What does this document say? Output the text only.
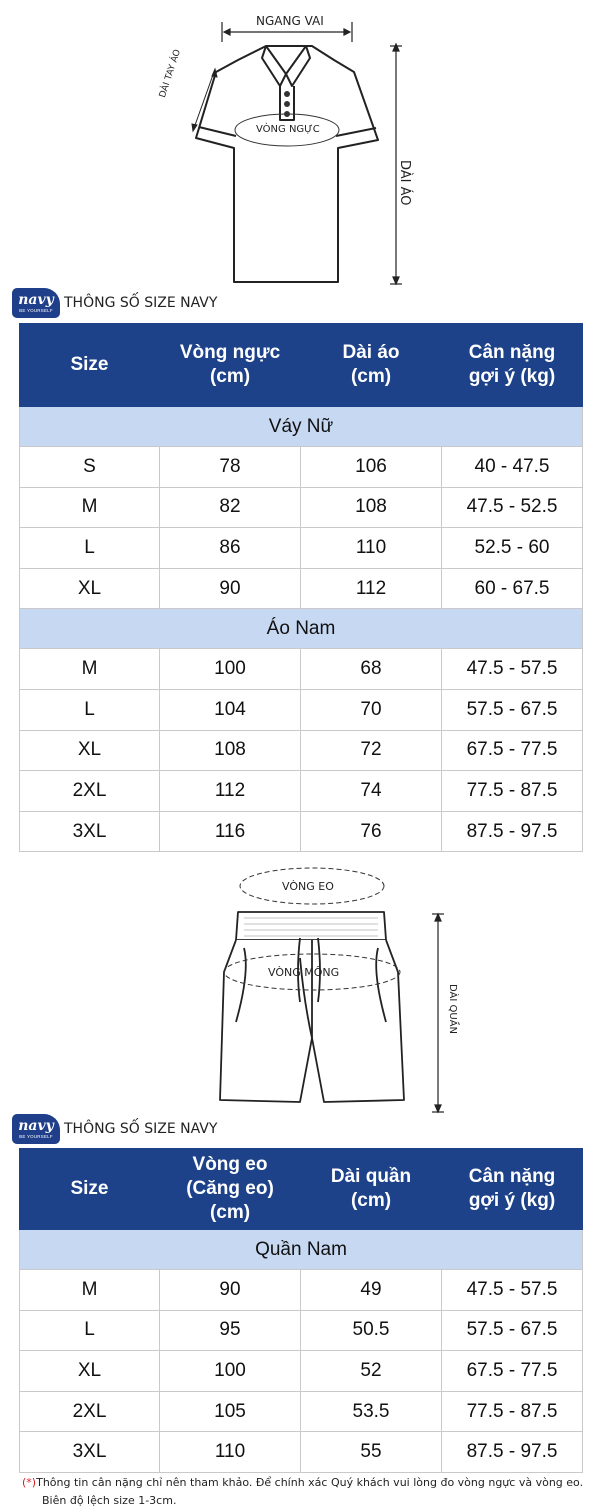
NGANG VAI
DÀI TAY ÁO
VÒNG NGỰC
DÀI ÁO
navy
BE YOURSELF THÔNG SỐ SIZE NAVY
Size	Vòng ngực (cm)	Dài áo (cm)	Cân nặng gợi ý (kg)
Váy Nữ			
S	78	106	40 - 47.5
M	82	108	47.5 - 52.5
L	86	110	52.5 - 60
XL	90	112	60 - 67.5
Áo Nam			
M	100	68	47.5 - 57.5
L	104	70	57.5 - 67.5
XL	108	72	67.5 - 77.5
2XL	112	74	77.5 - 87.5
3XL	116	76	87.5 - 97.5
VÒNG EO
VÒNG MÔNG
DÀI QUẦN
navy
BE YOURSELF THÔNG SỐ SIZE NAVY
Size	Vòng eo (Căng eo) (cm)	Dài quần (cm)	Cân nặng gợi ý (kg)
Quần Nam			
M	90	49	47.5 - 57.5
L	95	50.5	57.5 - 67.5
XL	100	52	67.5 - 77.5
2XL	105	53.5	77.5 - 87.5
3XL	110	55	87.5 - 97.5
(*)Thông tin cân nặng chỉ nên tham khảo. Để chính xác Quý khách vui lòng đo vòng ngực và vòng eo.
Biên độ lệch size 1-3cm.
